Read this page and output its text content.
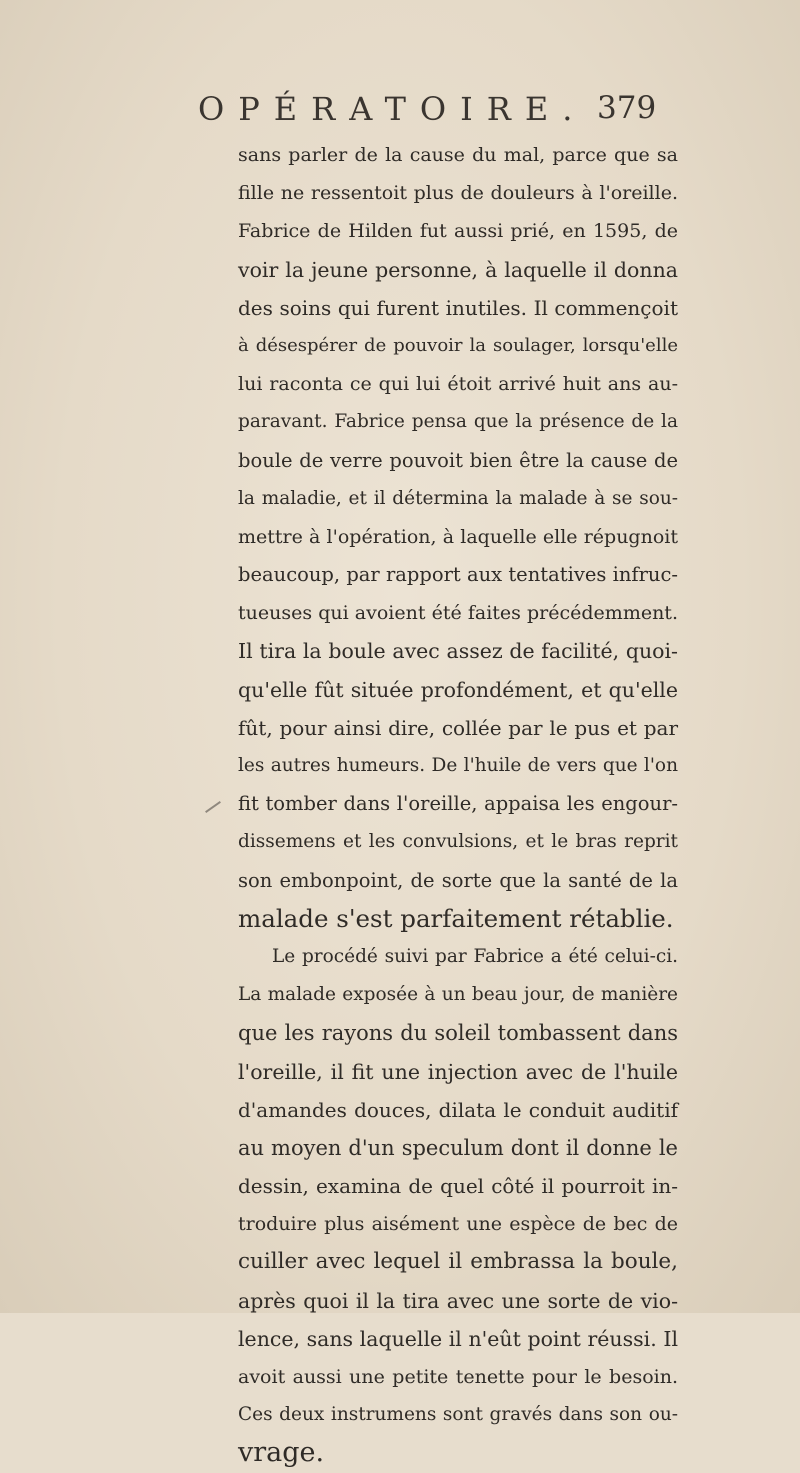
OPÉRATOIRE. 379
sans parler de la cause du mal, parce que sa
fille ne ressentoit plus de douleurs à l'oreille.
Fabrice de Hilden fut aussi prié, en 1595, de
voir la jeune personne, à laquelle il donna
des soins qui furent inutiles. Il commençoit
à désespérer de pouvoir la soulager, lorsqu'elle
lui raconta ce qui lui étoit arrivé huit ans au-
paravant. Fabrice pensa que la présence de la
boule de verre pouvoit bien être la cause de
la maladie, et il détermina la malade à se sou-
mettre à l'opération, à laquelle elle répugnoit
beaucoup, par rapport aux tentatives infruc-
tueuses qui avoient été faites précédemment.
Il tira la boule avec assez de facilité, quoi-
qu'elle fût située profondément, et qu'elle
fût, pour ainsi dire, collée par le pus et par
les autres humeurs. De l'huile de vers que l'on
fit tomber dans l'oreille, appaisa les engour-
dissemens et les convulsions, et le bras reprit
son embonpoint, de sorte que la santé de la
malade s'est parfaitement rétablie.
Le procédé suivi par Fabrice a été celui-ci.
La malade exposée à un beau jour, de manière
que les rayons du soleil tombassent dans
l'oreille, il fit une injection avec de l'huile
d'amandes douces, dilata le conduit auditif
au moyen d'un speculum dont il donne le
dessin, examina de quel côté il pourroit in-
troduire plus aisément une espèce de bec de
cuiller avec lequel il embrassa la boule,
après quoi il la tira avec une sorte de vio-
lence, sans laquelle il n'eût point réussi. Il
avoit aussi une petite tenette pour le besoin.
Ces deux instrumens sont gravés dans son ou-
vrage.
